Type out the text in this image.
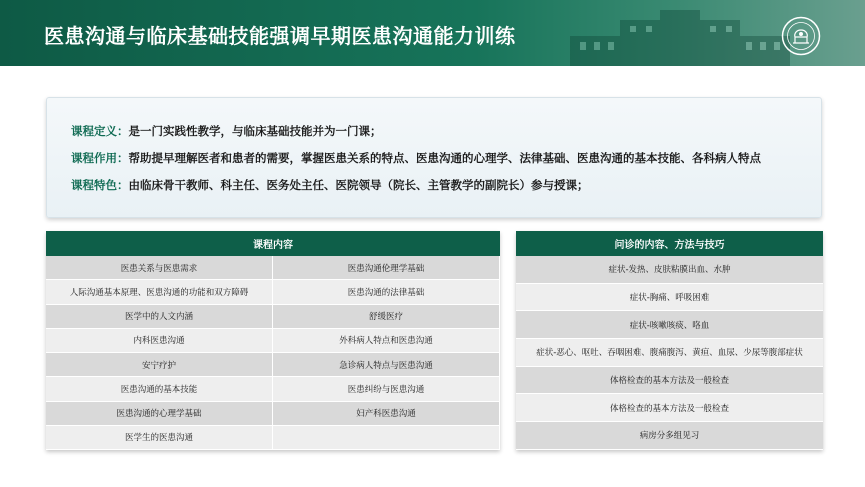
医患沟通与临床基础技能强调早期医患沟通能力训练
课程定义：是一门实践性教学，与临床基础技能并为一门课；
课程作用：帮助提早理解医者和患者的需要，掌握医患关系的特点、医患沟通的心理学、法律基础、医患沟通的基本技能、各科病人特点
课程特色：由临床骨干教师、科主任、医务处主任、医院领导（院长、主管教学的副院长）参与授课；
课程内容
医患关系与医患需求	医患沟通伦理学基础
人际沟通基本原理、医患沟通的功能和双方障碍	医患沟通的法律基础
医学中的人文内涵	舒缓医疗
内科医患沟通	外科病人特点和医患沟通
安宁疗护	急诊病人特点与医患沟通
医患沟通的基本技能	医患纠纷与医患沟通
医患沟通的心理学基础	妇产科医患沟通
医学生的医患沟通
问诊的内容、方法与技巧
症状-发热、皮肤粘膜出血、水肿
症状-胸痛、呼吸困难
症状-咳嗽咳痰、咯血
症状-恶心、呕吐、吞咽困难、腹痛腹泻、黄疸、血尿、少尿等腹部症状
体格检查的基本方法及一般检查
体格检查的基本方法及一般检查
病房分多组见习
